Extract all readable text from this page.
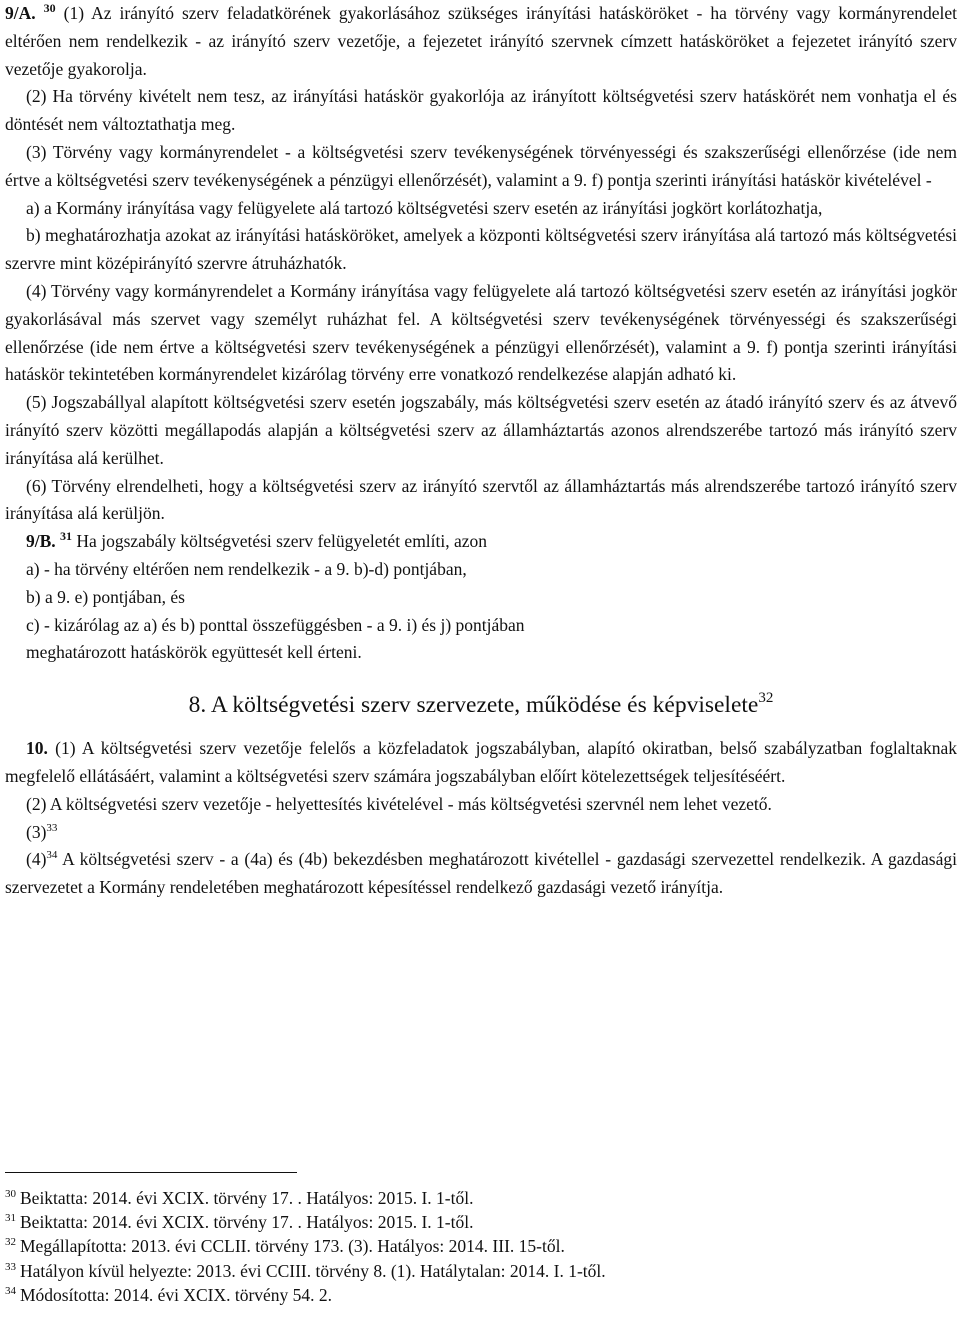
9/A. $^{30}$ (1) Az irányító szerv feladatkörének gyakorlásához szükséges irányítási hatásköröket - ha törvény vagy kormányrendelet eltérően nem rendelkezik - az irányító szerv vezetője, a fejezetet irányító szervnek címzett hatásköröket a fejezetet irányító szerv vezetője gyakorolja.

(2) Ha törvény kivételt nem tesz, az irányítási hatáskör gyakorlója az irányított költségvetési szerv hatáskörét nem vonhatja el és döntését nem változtathatja meg.

(3) Törvény vagy kormányrendelet - a költségvetési szerv tevékenységének törvényességi és szakszerűségi ellenőrzése (ide nem értve a költségvetési szerv tevékenységének a pénzügyi ellenőrzését), valamint a 9. f) pontja szerinti irányítási hatáskör kivételével -

a) a Kormány irányítása vagy felügyelete alá tartozó költségvetési szerv esetén az irányítási jogkört korlátozhatja,

b) meghatározhatja azokat az irányítási hatásköröket, amelyek a központi költségvetési szerv irányítása alá tartozó más költségvetési szervre mint középirányító szervre átruházhatók.

(4) Törvény vagy kormányrendelet a Kormány irányítása vagy felügyelete alá tartozó költségvetési szerv esetén az irányítási jogkör gyakorlásával más szervet vagy személyt ruházhat fel. A költségvetési szerv tevékenységének törvényességi és szakszerűségi ellenőrzése (ide nem értve a költségvetési szerv tevékenységének a pénzügyi ellenőrzését), valamint a 9. f) pontja szerinti irányítási hatáskör tekintetében kormányrendelet kizárólag törvény erre vonatkozó rendelkezése alapján adható ki.

(5) Jogszabállyal alapított költségvetési szerv esetén jogszabály, más költségvetési szerv esetén az átadó irányító szerv és az átvevő irányító szerv közötti megállapodás alapján a költségvetési szerv az államháztartás azonos alrendszerébe tartozó más irányító szerv irányítása alá kerülhet.

(6) Törvény elrendelheti, hogy a költségvetési szerv az irányító szervtől az államháztartás más alrendszerébe tartozó irányító szerv irányítása alá kerüljön.

9/B. $^{31}$ Ha jogszabály költségvetési szerv felügyeletét említi, azon

a) - ha törvény eltérően nem rendelkezik - a 9. b)-d) pontjában,

b) a 9. e) pontjában, és

c) - kizárólag az a) és b) ponttal összefüggésben - a 9. i) és j) pontjában

meghatározott hatáskörök együttesét kell érteni.

8. A költségvetési szerv szervezete, működése és képviselete$^{32}$

10. (1) A költségvetési szerv vezetője felelős a közfeladatok jogszabályban, alapító okiratban, belső szabályzatban foglaltaknak megfelelő ellátásáért, valamint a költségvetési szerv számára jogszabályban előírt kötelezettségek teljesítéséért.

(2) A költségvetési szerv vezetője - helyettesítés kivételével - más költségvetési szervnél nem lehet vezető.

$(3)^{33}$

$(4)^{34}$ A költségvetési szerv - a (4a) és (4b) bekezdésben meghatározott kivétellel - gazdasági szervezettel rendelkezik. A gazdasági szervezetet a Kormány rendeletében meghatározott képesítéssel rendelkező gazdasági vezető irányítja.

$^{30}$ Beiktatta: 2014. évi XCIX. törvény 17. . Hatályos: 2015. I. 1-től.
$^{31}$ Beiktatta: 2014. évi XCIX. törvény 17. . Hatályos: 2015. I. 1-től.
$^{32}$ Megállapította: 2013. évi CCLII. törvény 173. (3). Hatályos: 2014. III. 15-től.
$^{33}$ Hatályon kívül helyezte: 2013. évi CCIII. törvény 8. (1). Hatálytalan: 2014. I. 1-től.
$^{34}$ Módosította: 2014. évi XCIX. törvény 54. 2.
